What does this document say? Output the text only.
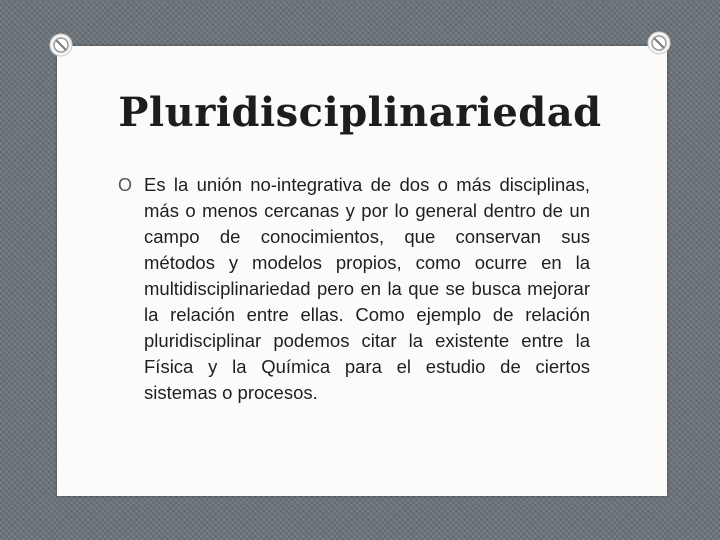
Pluridisciplinariedad
O Es la unión no-integrativa de dos o más disciplinas, más o menos cercanas y por lo general dentro de un campo de conocimientos, que conservan sus métodos y modelos propios, como ocurre en la multidisciplinariedad pero en la que se busca mejorar la relación entre ellas. Como ejemplo de relación pluridisciplinar podemos citar la existente entre la Física y la Química para el estudio de ciertos sistemas o procesos.
